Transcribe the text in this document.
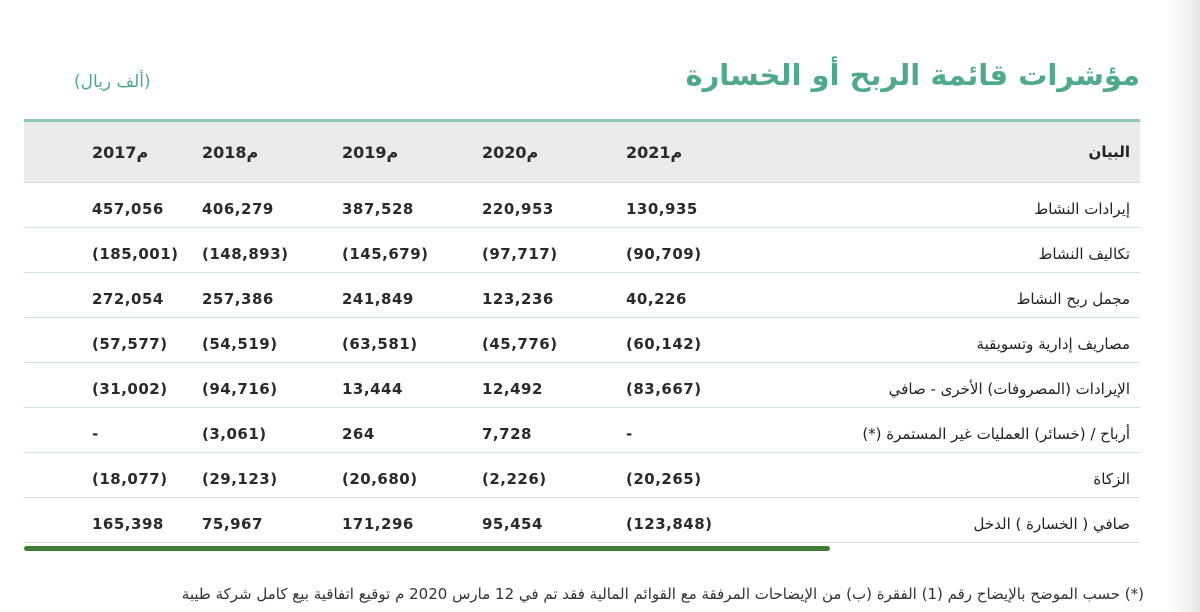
مؤشرات قائمة الربح أو الخسارة

(ألف ريال)

البيان
2021م
2020م
2019م
2018م
2017م
إيرادات النشاط
130,935
220,953
387,528
406,279
457,056
تكاليف النشاط
(90,709)
(97,717)
(145,679)
(148,893)
(185,001)
مجمل ربح النشاط
40,226
123,236
241,849
257,386
272,054
مصاريف إدارية وتسويقية
(60,142)
(45,776)
(63,581)
(54,519)
(57,577)
الإيرادات (المصروفات) الأخرى - صافي
(83,667)
12,492
13,444
(94,716)
(31,002)
أرباح / (خسائر) العمليات غير المستمرة (*)
-
7,728
264
(3,061)
-
الزكاة
(20,265)
(2,226)
(20,680)
(29,123)
(18,077)
صافي ( الخسارة ) الدخل
(123,848)
95,454
171,296
75,967
165,398

(*) حسب الموضح بالإيضاح رقم (1) الفقرة (ب) من الإيضاحات المرفقة مع القوائم المالية فقد تم في 12 مارس 2020 م توقيع اتفاقية بيع كامل شركة طيبة
